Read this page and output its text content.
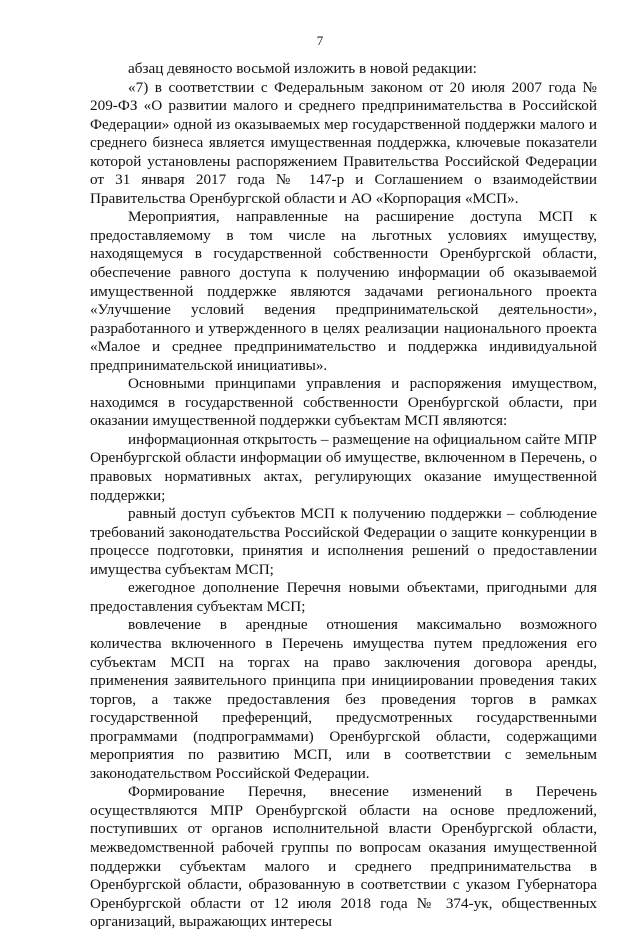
7

абзац девяносто восьмой изложить в новой редакции:

«7) в соответствии с Федеральным законом от 20 июля 2007 года № 209-ФЗ «О развитии малого и среднего предпринимательства в Российской Федерации» одной из оказываемых мер государственной поддержки малого и среднего бизнеса является имущественная поддержка, ключевые показатели которой установлены распоряжением Правительства Российской Федерации от 31 января 2017 года № 147-р и Соглашением о взаимодействии Правительства Оренбургской области и АО «Корпорация «МСП».

Мероприятия, направленные на расширение доступа МСП к предоставляемому в том числе на льготных условиях имуществу, находящемуся в государственной собственности Оренбургской области, обеспечение равного доступа к получению информации об оказываемой имущественной поддержке являются задачами регионального проекта «Улучшение условий ведения предпринимательской деятельности», разработанного и утвержденного в целях реализации национального проекта «Малое и среднее предпринимательство и поддержка индивидуальной предпринимательской инициативы».

Основными принципами управления и распоряжения имуществом, находимся в государственной собственности Оренбургской области, при оказании имущественной поддержки субъектам МСП являются:

информационная открытость – размещение на официальном сайте МПР Оренбургской области информации об имуществе, включенном в Перечень, о правовых нормативных актах, регулирующих оказание имущественной поддержки;

равный доступ субъектов МСП к получению поддержки – соблюдение требований законодательства Российской Федерации о защите конкуренции в процессе подготовки, принятия и исполнения решений о предоставлении имущества субъектам МСП;

ежегодное дополнение Перечня новыми объектами, пригодными для предоставления субъектам МСП;

вовлечение в арендные отношения максимально возможного количества включенного в Перечень имущества путем предложения его субъектам МСП на торгах на право заключения договора аренды, применения заявительного принципа при инициировании проведения таких торгов, а также предоставления без проведения торгов в рамках государственной преференций, предусмотренных государственными программами (подпрограммами) Оренбургской области, содержащими мероприятия по развитию МСП, или в соответствии с земельным законодательством Российской Федерации.

Формирование Перечня, внесение изменений в Перечень осуществляются МПР Оренбургской области на основе предложений, поступивших от органов исполнительной власти Оренбургской области, межведомственной рабочей группы по вопросам оказания имущественной поддержки субъектам малого и среднего предпринимательства в Оренбургской области, образованную в соответствии с указом Губернатора Оренбургской области от 12 июля 2018 года № 374-ук, общественных организаций, выражающих интересы
